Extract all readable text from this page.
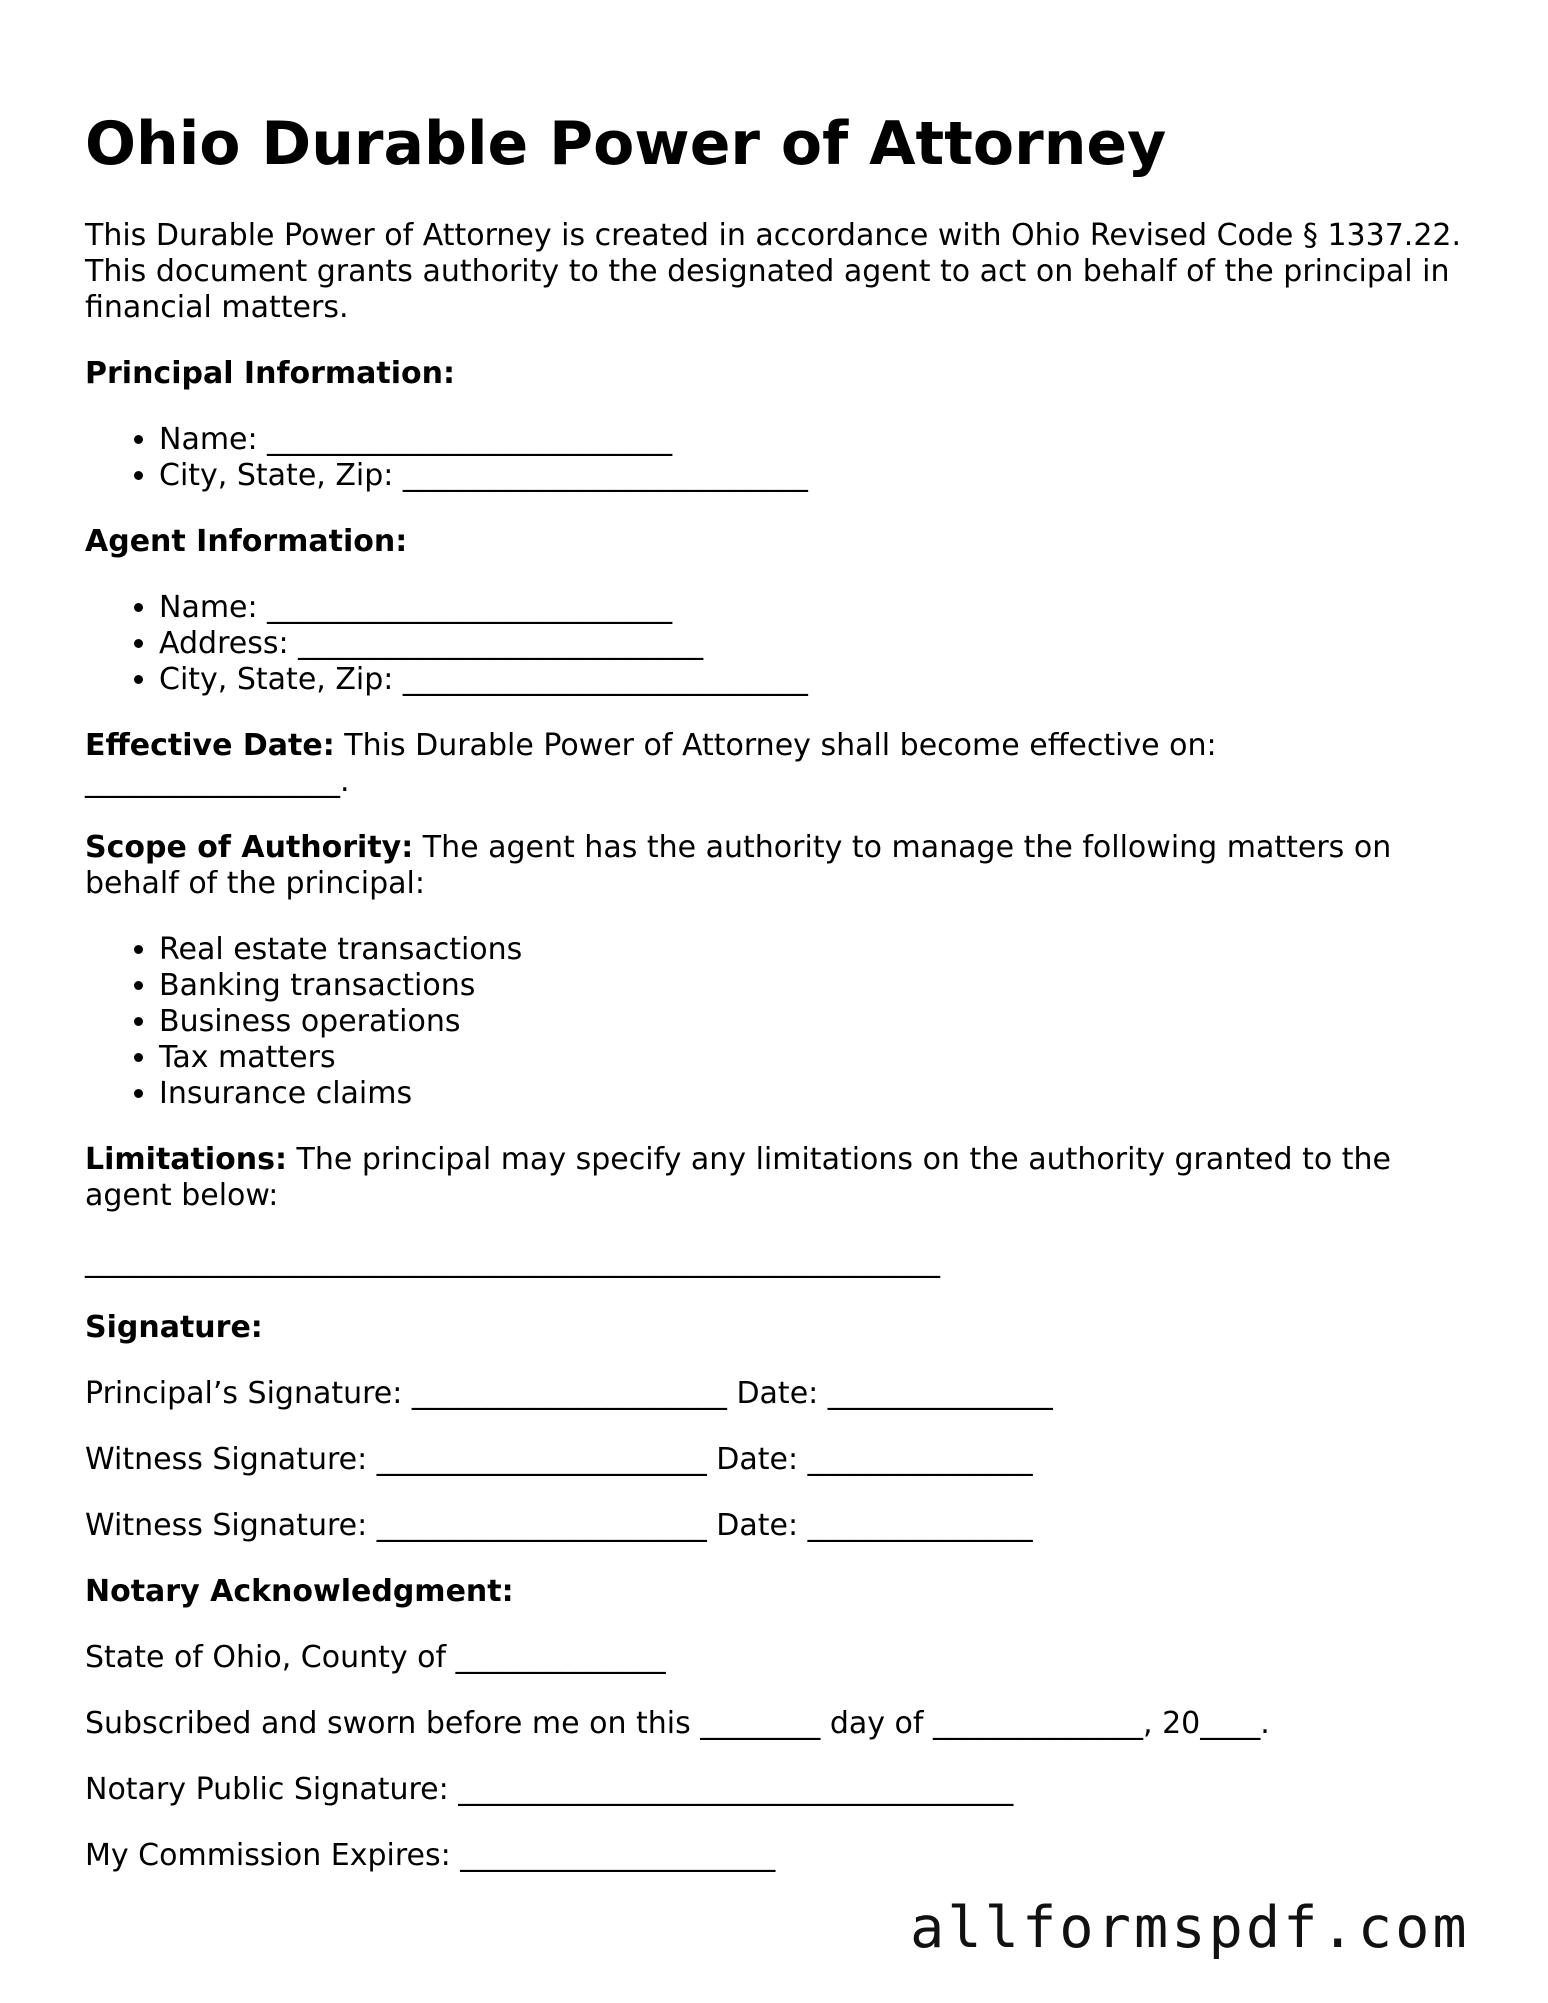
Ohio Durable Power of Attorney

This Durable Power of Attorney is created in accordance with Ohio Revised Code § 1337.22. This document grants authority to the designated agent to act on behalf of the principal in financial matters.

Principal Information:
• Name: ___________________________
• City, State, Zip: ___________________________
Agent Information:
• Name: ___________________________
• Address: ___________________________
• City, State, Zip: ___________________________

Effective Date: This Durable Power of Attorney shall become effective on: _________________.

Scope of Authority: The agent has the authority to manage the following matters on behalf of the principal:

• Real estate transactions
• Banking transactions
• Business operations
• Tax matters
• Insurance claims

Limitations: The principal may specify any limitations on the authority granted to the agent below:

_________________________________________________________
Signature:
Principal’s Signature: _____________________ Date: _______________
Witness Signature: ______________________ Date: _______________
Witness Signature: ______________________ Date: _______________
Notary Acknowledgment:
State of Ohio, County of ______________
Subscribed and sworn before me on this ________ day of ______________, 20____.
Notary Public Signature: _____________________________________
My Commission Expires: _____________________
allformspdf.com
